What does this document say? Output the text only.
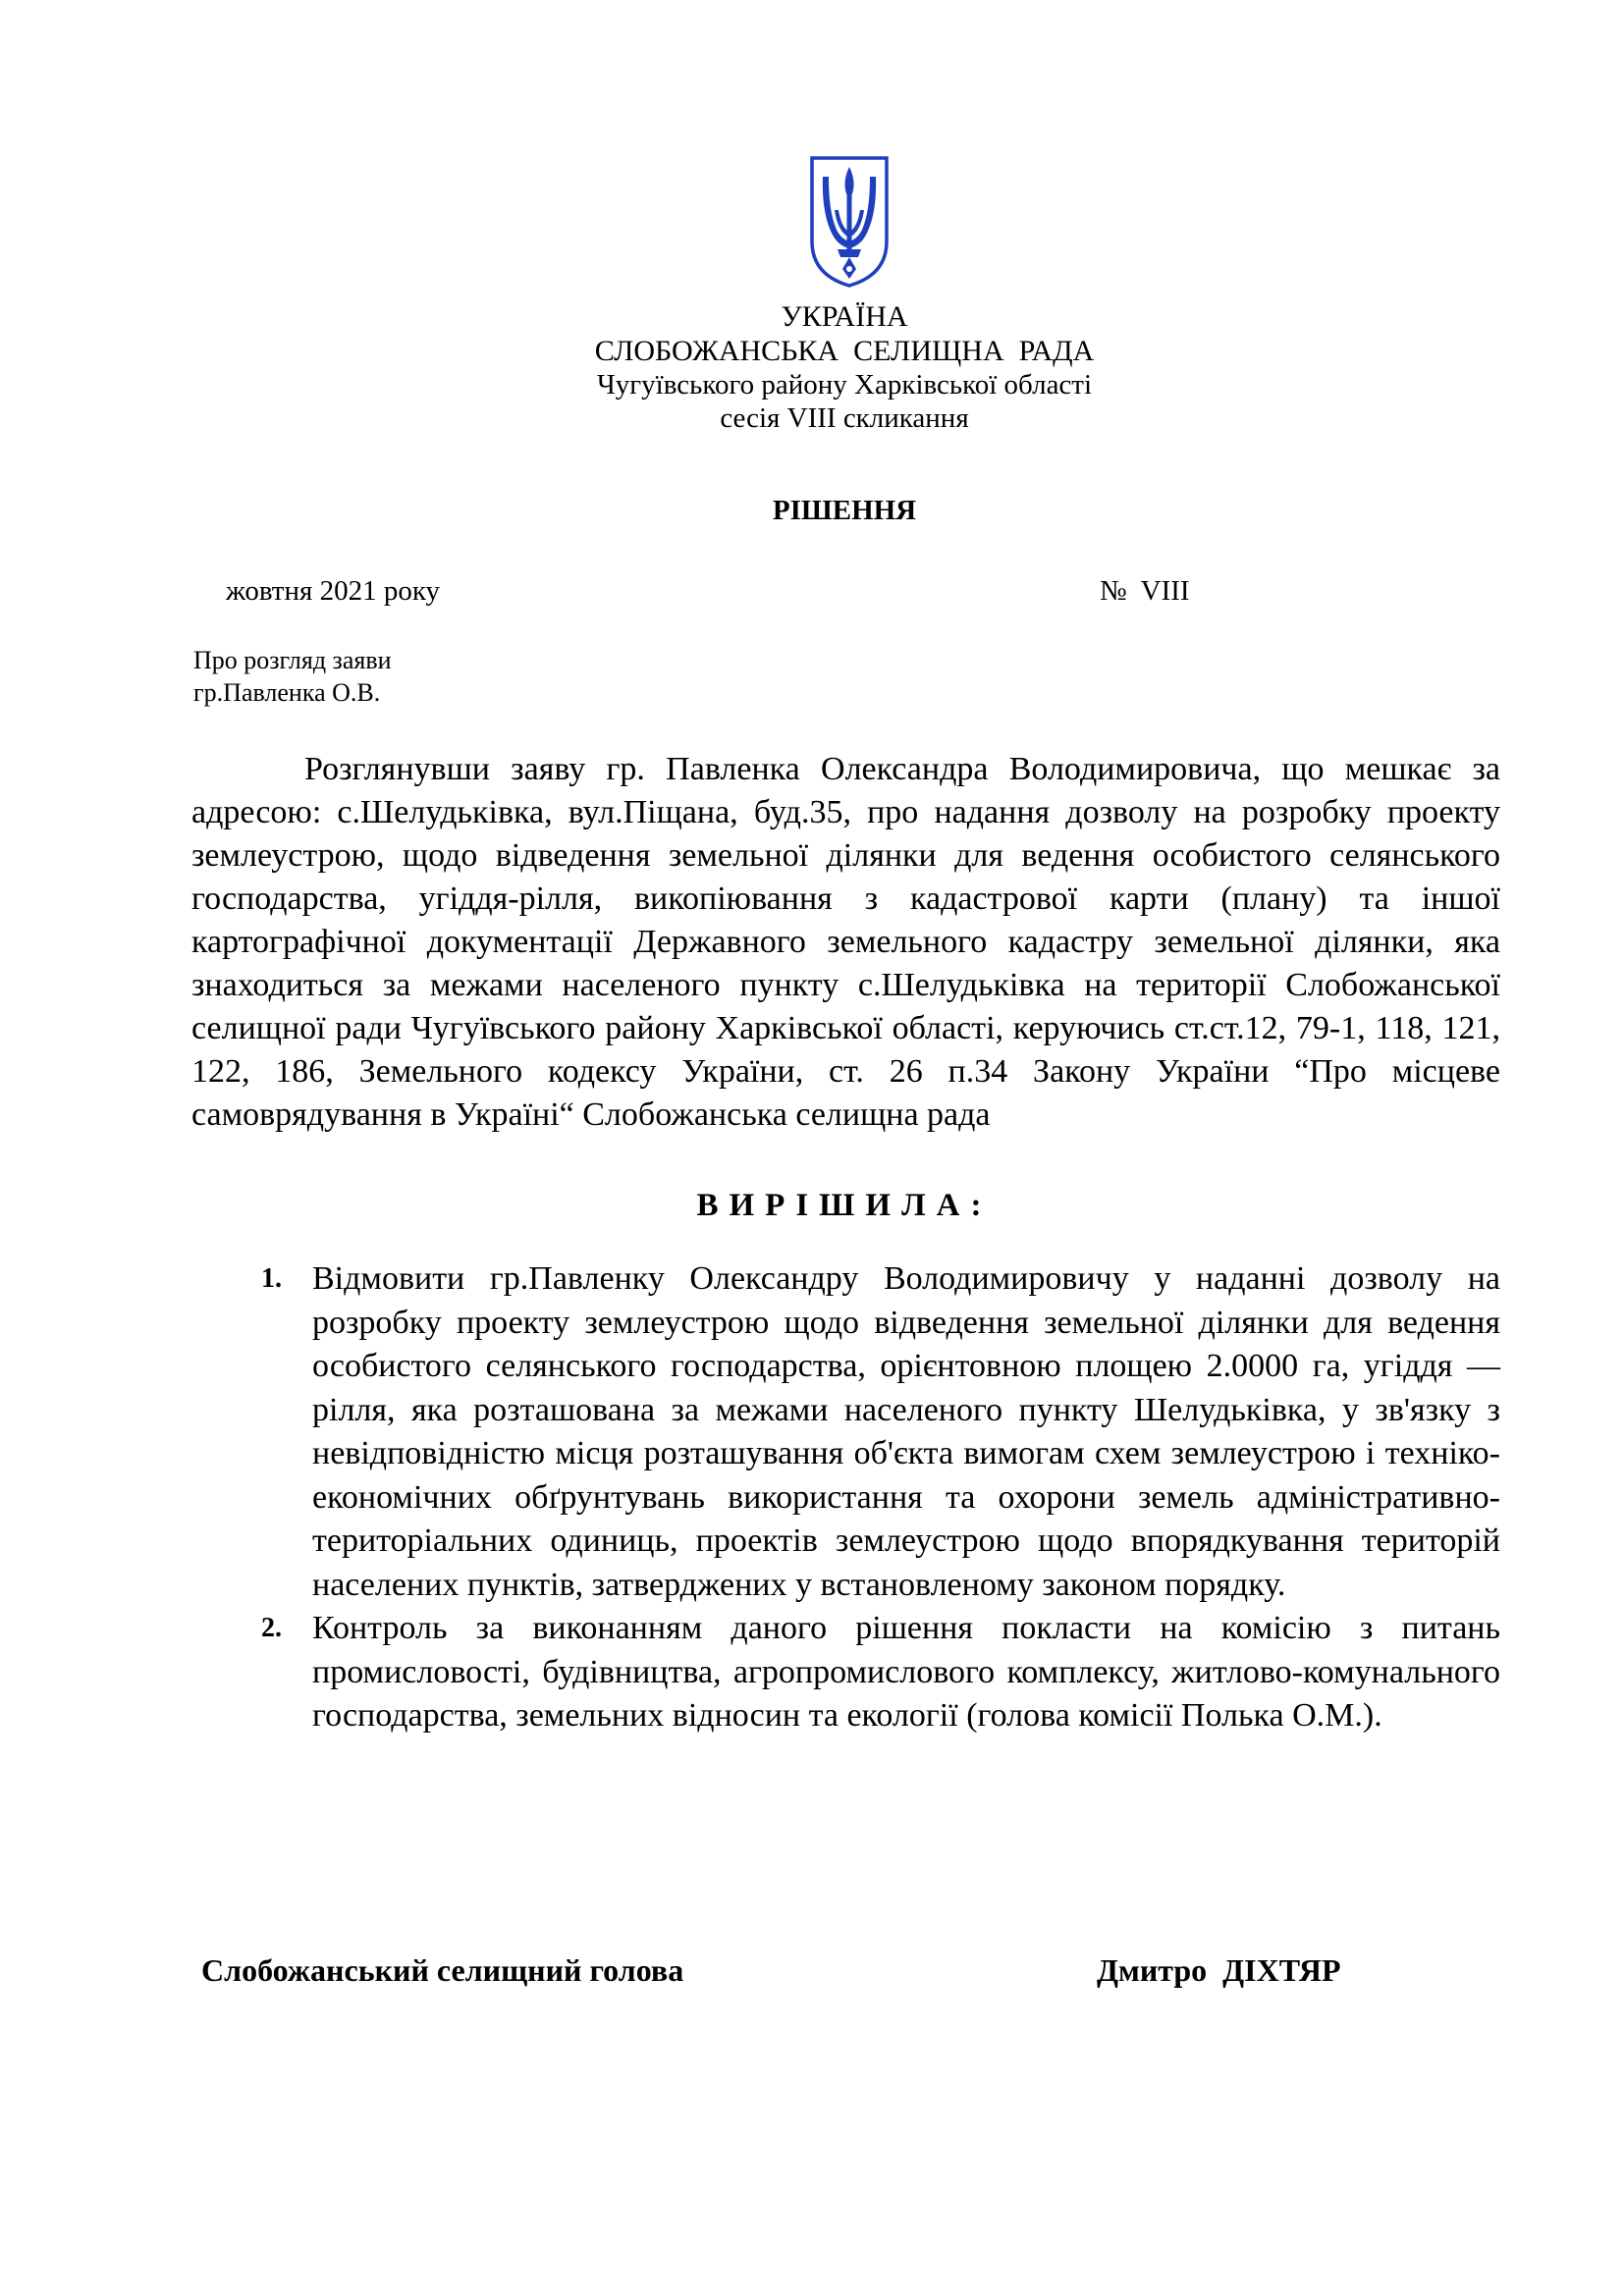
УКРАЇНА
СЛОБОЖАНСЬКА  СЕЛИЩНА  РАДА
Чугуївського району Харківської області
сесія VIII скликання
РІШЕННЯ
жовтня 2021 року	№  VIII
Про розгляд заяви
гр.Павленка О.В.

Розглянувши заяву гр. Павленка Олександра Володимировича, що мешкає за адресою: с.Шелудьківка, вул.Піщана, буд.35, про надання дозволу на розробку проекту землеустрою, щодо відведення земельної ділянки для ведення особистого селянського господарства, угіддя-рілля, викопіювання з кадастрової карти (плану) та іншої картографічної документації Державного земельного кадастру земельної ділянки, яка знаходиться за межами населеного пункту с.Шелудьківка на території Слобожанської селищної ради Чугуївського району Харківської області, керуючись ст.ст.12, 79-1, 118, 121, 122, 186, Земельного кодексу України, ст. 26 п.34 Закону України “Про місцеве самоврядування в Україні“ Слобожанська селищна рада

ВИРІШИЛА:
1. Відмовити гр.Павленку Олександру Володимировичу у наданні дозволу на розробку проекту землеустрою щодо відведення земельної ділянки для ведення особистого селянського господарства, орієнтовною площею 2.0000 га, угіддя — рілля, яка розташована за межами населеного пункту Шелудьківка, у зв'язку з невідповідністю місця розташування об'єкта вимогам схем землеустрою і техніко-економічних обґрунтувань використання та охорони земель адміністративно-територіальних одиниць, проектів землеустрою щодо впорядкування територій населених пунктів, затверджених у встановленому законом порядку.
2. Контроль за виконанням даного рішення покласти на комісію з питань промисловості, будівництва, агропромислового комплексу, житлово-комунального господарства, земельних відносин та екології (голова комісії Полька О.М.).
Слобожанський селищний голова	Дмитро  ДІХТЯР
